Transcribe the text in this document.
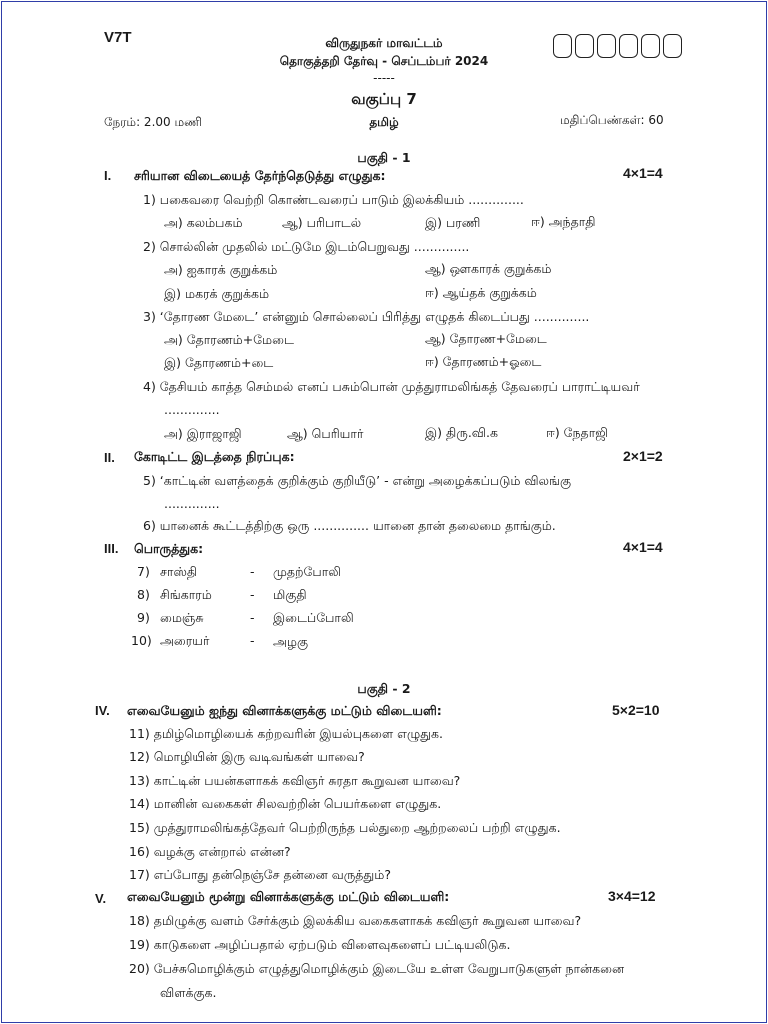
V7T	விருதுநகர் மாவட்டம்
தொகுத்தறி தேர்வு - செப்டம்பர் 2024
-----
வகுப்பு 7
நேரம்: 2.00 மணி	தமிழ்	மதிப்பெண்கள்: 60
பகுதி - 1
I. சரியான விடையைத் தேர்ந்தெடுத்து எழுதுக:	4×1=4
1) பகைவரை வெற்றி கொண்டவரைப் பாடும் இலக்கியம் ..............
அ) கலம்பகம்	ஆ) பரிபாடல்	இ) பரணி	ஈ) அந்தாதி
2) சொல்லின் முதலில் மட்டுமே இடம்பெறுவது ..............
அ) ஐகாரக் குறுக்கம்	ஆ) ஔகாரக் குறுக்கம்
இ) மகரக் குறுக்கம்	ஈ) ஆய்தக் குறுக்கம்
3) ‘தோரண மேடை’ என்னும் சொல்லைப் பிரித்து எழுதக் கிடைப்பது ..............
அ) தோரணம்+மேடை	ஆ) தோரண+மேடை
இ) தோரணம்+டை	ஈ) தோரணம்+ஓடை
4) தேசியம் காத்த செம்மல் எனப் பசும்பொன் முத்துராமலிங்கத் தேவரைப் பாராட்டியவர்
..............
அ) இராஜாஜி	ஆ) பெரியார்	இ) திரு.வி.க	ஈ) நேதாஜி
II. கோடிட்ட இடத்தை நிரப்புக:	2×1=2
5) ‘காட்டின் வளத்தைக் குறிக்கும் குறியீடு’ - என்று அழைக்கப்படும் விலங்கு
..............
6) யானைக் கூட்டத்திற்கு ஒரு .............. யானை தான் தலைமை தாங்கும்.
III. பொருத்துக:	4×1=4
7) சாஸ்தி	- முதற்போலி
8) சிங்காரம்	- மிகுதி
9) மைஞ்சு	- இடைப்போலி
10) அரையர்	- அழகு
பகுதி - 2
IV. எவையேனும் ஐந்து வினாக்களுக்கு மட்டும் விடையளி:	5×2=10
11) தமிழ்மொழியைக் கற்றவரின் இயல்புகளை எழுதுக.
12) மொழியின் இரு வடிவங்கள் யாவை?
13) காட்டின் பயன்களாகக் கவிஞர் சுரதா கூறுவன யாவை?
14) மானின் வகைகள் சிலவற்றின் பெயர்களை எழுதுக.
15) முத்துராமலிங்கத்தேவர் பெற்றிருந்த பல்துறை ஆற்றலைப் பற்றி எழுதுக.
16) வழக்கு என்றால் என்ன?
17) எப்போது தன்நெஞ்சே தன்னை வருத்தும்?
V. எவையேனும் மூன்று வினாக்களுக்கு மட்டும் விடையளி:	3×4=12
18) தமிழுக்கு வளம் சேர்க்கும் இலக்கிய வகைகளாகக் கவிஞர் கூறுவன யாவை?
19) காடுகளை அழிப்பதால் ஏற்படும் விளைவுகளைப் பட்டியலிடுக.
20) பேச்சுமொழிக்கும் எழுத்துமொழிக்கும் இடையே உள்ள வேறுபாடுகளுள் நான்கனை
விளக்குக.
